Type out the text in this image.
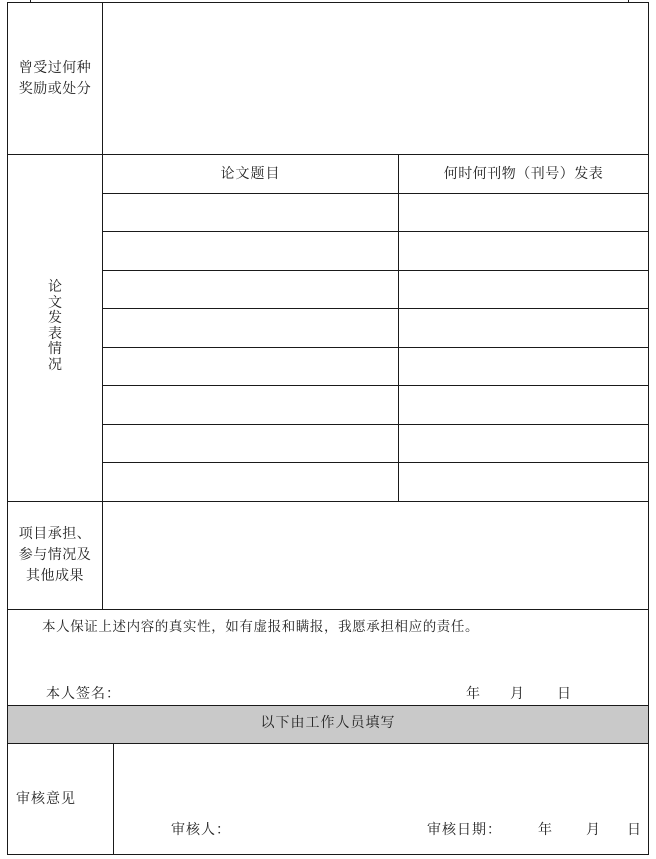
曾受过何种
奖励或处分
论
文
发
表
情
况
论文题目	何时何刊物（刊号）发表
项目承担、
参与情况及
其他成果
本人保证上述内容的真实性，如有虚报和瞒报，我愿承担相应的责任。
本人签名：	年 月 日
以下由工作人员填写
审核意见
审核人：	审核日期：	年 月 日
